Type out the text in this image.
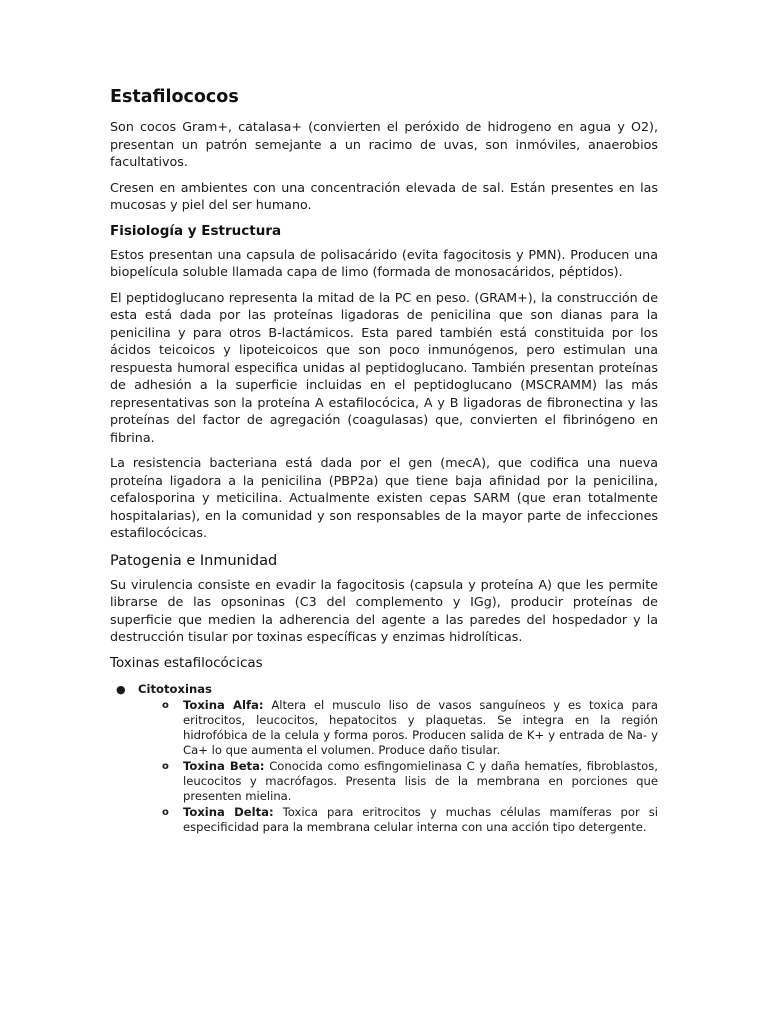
Estafilococos

Son cocos Gram+, catalasa+ (convierten el peróxido de hidrogeno en agua y O2), presentan un patrón semejante a un racimo de uvas, son inmóviles, anaerobios facultativos.

Cresen en ambientes con una concentración elevada de sal. Están presentes en las mucosas y piel del ser humano.

Fisiología y Estructura

Estos presentan una capsula de polisacárido (evita fagocitosis y PMN). Producen una biopelícula soluble llamada capa de limo (formada de monosacáridos, péptidos).

El peptidoglucano representa la mitad de la PC en peso. (GRAM+), la construcción de esta está dada por las proteínas ligadoras de penicilina que son dianas para la penicilina y para otros B-lactámicos. Esta pared también está constituida por los ácidos teicoicos y lipoteicoicos que son poco inmunógenos, pero estimulan una respuesta humoral especifica unidas al peptidoglucano. También presentan proteínas de adhesión a la superficie incluidas en el peptidoglucano (MSCRAMM) las más representativas son la proteína A estafilocócica, A y B ligadoras de fibronectina y las proteínas del factor de agregación (coagulasas) que, convierten el fibrinógeno en fibrina.

La resistencia bacteriana está dada por el gen (mecA), que codifica una nueva proteína ligadora a la penicilina (PBP2a) que tiene baja afinidad por la penicilina, cefalosporina y meticilina. Actualmente existen cepas SARM (que eran totalmente hospitalarias), en la comunidad y son responsables de la mayor parte de infecciones estafilocócicas.

Patogenia e Inmunidad

Su virulencia consiste en evadir la fagocitosis (capsula y proteína A) que les permite librarse de las opsoninas (C3 del complemento y IGg), producir proteínas de superficie que medien la adherencia del agente a las paredes del hospedador y la destrucción tisular por toxinas específicas y enzimas hidrolíticas.

Toxinas estafilocócicas
● Citotoxinas
o Toxina Alfa: Altera el musculo liso de vasos sanguíneos y es toxica para eritrocitos, leucocitos, hepatocitos y plaquetas. Se integra en la región hidrofóbica de la celula y forma poros. Producen salida de K+ y entrada de Na- y Ca+ lo que aumenta el volumen. Produce daño tisular.
o Toxina Beta: Conocida como esfingomielinasa C y daña hematíes, fibroblastos, leucocitos y macrófagos. Presenta lisis de la membrana en porciones que presenten mielina.
o Toxina Delta: Toxica para eritrocitos y muchas células mamíferas por si especificidad para la membrana celular interna con una acción tipo detergente.
